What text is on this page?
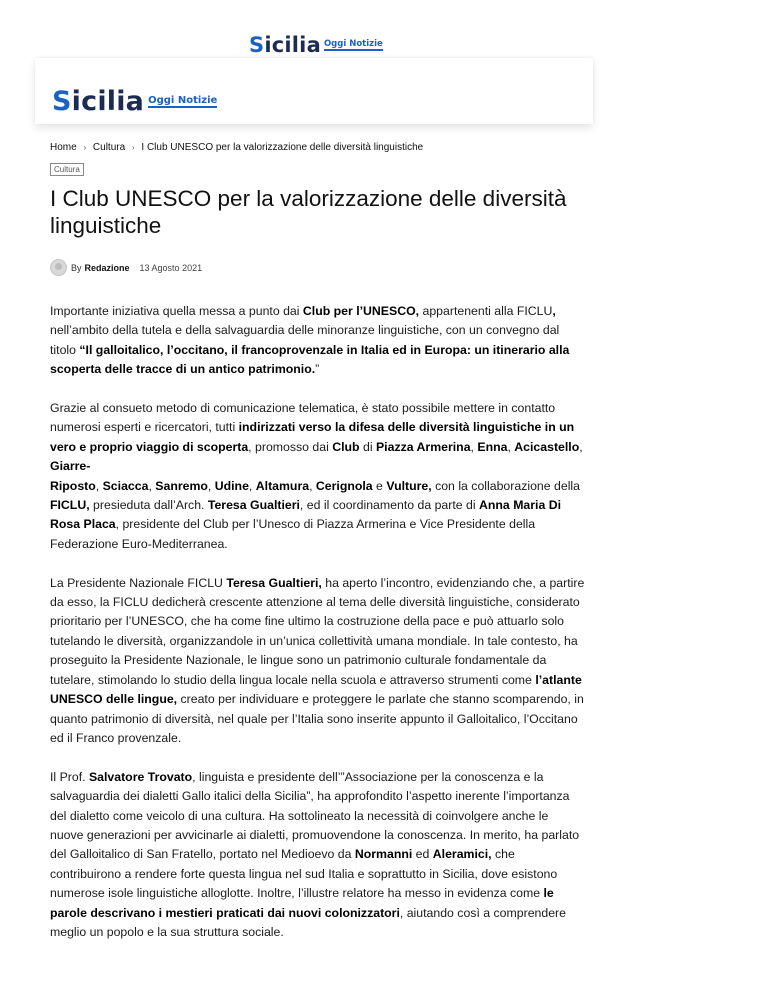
Sicilia Oggi Notizie
Sicilia Oggi Notizie
Home › Cultura › I Club UNESCO per la valorizzazione delle diversità linguistiche
Cultura
I Club UNESCO per la valorizzazione delle diversità linguistiche
By Redazione 13 Agosto 2021

Importante iniziativa quella messa a punto dai Club per l’UNESCO, appartenenti alla FICLU, nell’ambito della tutela e della salvaguardia delle minoranze linguistiche, con un convegno dal titolo “Il galloitalico, l’occitano, il francoprovenzale in Italia ed in Europa: un itinerario alla scoperta delle tracce di un antico patrimonio.”

Grazie al consueto metodo di comunicazione telematica, è stato possibile mettere in contatto numerosi esperti e ricercatori, tutti indirizzati verso la difesa delle diversità linguistiche in un vero e proprio viaggio di scoperta, promosso dai Club di Piazza Armerina, Enna, Acicastello, Giarre-
Riposto, Sciacca, Sanremo, Udine, Altamura, Cerignola e Vulture, con la collaborazione della FICLU, presieduta dall’Arch. Teresa Gualtieri, ed il coordinamento da parte di Anna Maria Di Rosa Placa, presidente del Club per l’Unesco di Piazza Armerina e Vice Presidente della Federazione Euro-Mediterranea.

La Presidente Nazionale FICLU Teresa Gualtieri, ha aperto l’incontro, evidenziando che, a partire da esso, la FICLU dedicherà crescente attenzione al tema delle diversità linguistiche, considerato prioritario per l’UNESCO, che ha come fine ultimo la costruzione della pace e può attuarlo solo tutelando le diversità, organizzandole in un’unica collettività umana mondiale. In tale contesto, ha proseguito la Presidente Nazionale, le lingue sono un patrimonio culturale fondamentale da tutelare, stimolando lo studio della lingua locale nella scuola e attraverso strumenti come l’atlante UNESCO delle lingue, creato per individuare e proteggere le parlate che stanno scomparendo, in quanto patrimonio di diversità, nel quale per l’Italia sono inserite appunto il Galloitalico, l’Occitano ed il Franco provenzale.

Il Prof. Salvatore Trovato, linguista e presidente dell’”Associazione per la conoscenza e la salvaguardia dei dialetti Gallo italici della Sicilia”, ha approfondito l’aspetto inerente l’importanza del dialetto come veicolo di una cultura. Ha sottolineato la necessità di coinvolgere anche le nuove generazioni per avvicinarle ai dialetti, promuovendone la conoscenza. In merito, ha parlato del Galloitalico di San Fratello, portato nel Medioevo da Normanni ed Aleramici, che contribuirono a rendere forte questa lingua nel sud Italia e soprattutto in Sicilia, dove esistono numerose isole linguistiche alloglotte. Inoltre, l’illustre relatore ha messo in evidenza come le parole descrivano i mestieri praticati dai nuovi colonizzatori, aiutando così a comprendere meglio un popolo e la sua struttura sociale.
